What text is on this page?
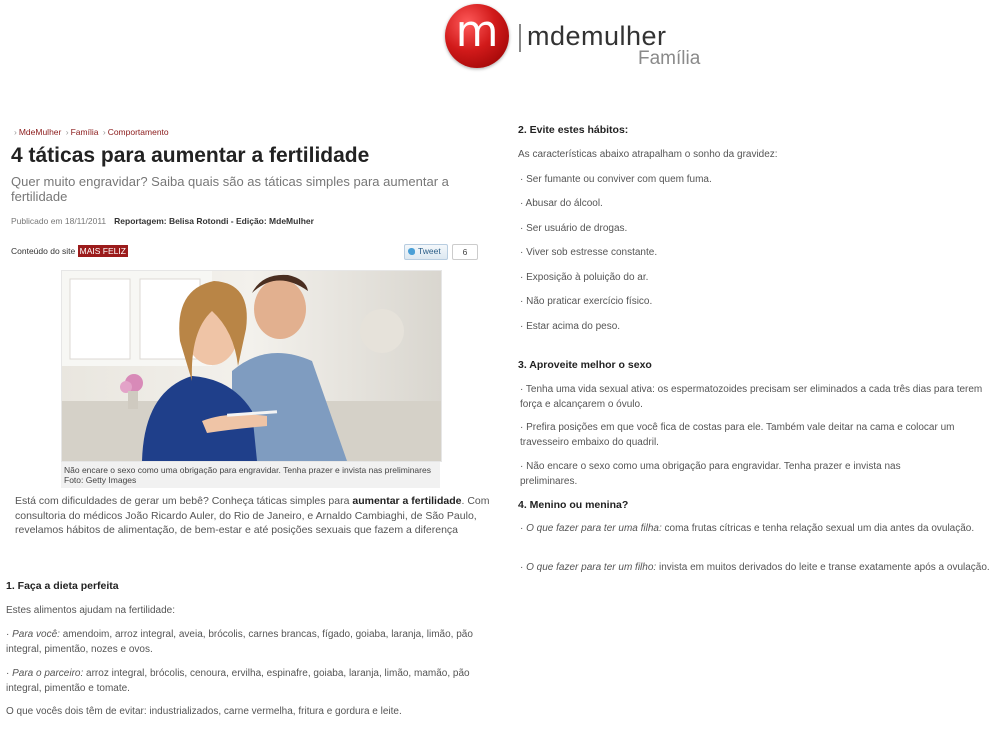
m	mdemulher
Família
› MdeMulher › Família › Comportamento
4 táticas para aumentar a fertilidade
Quer muito engravidar? Saiba quais são as táticas simples para aumentar a fertilidade
Publicado em 18/11/2011 Reportagem: Belisa Rotondi - Edição: MdeMulher
Conteúdo do site MAIS FELIZ	Tweet	6
Não encare o sexo como uma obrigação para engravidar. Tenha prazer e invista nas preliminares
Foto: Getty Images
Está com dificuldades de gerar um bebê? Conheça táticas simples para aumentar a fertilidade. Com consultoria do médicos João Ricardo Auler, do Rio de Janeiro, e Arnaldo Cambiaghi, de São Paulo, revelamos hábitos de alimentação, de bem-estar e até posições sexuais que fazem a diferença
1. Faça a dieta perfeita
Estes alimentos ajudam na fertilidade:
· Para você: amendoim, arroz integral, aveia, brócolis, carnes brancas, fígado, goiaba, laranja, limão, pão integral, pimentão, nozes e ovos.
· Para o parceiro: arroz integral, brócolis, cenoura, ervilha, espinafre, goiaba, laranja, limão, mamão, pão integral, pimentão e tomate.
O que vocês dois têm de evitar: industrializados, carne vermelha, fritura e gordura e leite.
2. Evite estes hábitos:
As características abaixo atrapalham o sonho da gravidez:
· Ser fumante ou conviver com quem fuma.
· Abusar do álcool.
· Ser usuário de drogas.
· Viver sob estresse constante.
· Exposição à poluição do ar.
· Não praticar exercício físico.
· Estar acima do peso.
3. Aproveite melhor o sexo
· Tenha uma vida sexual ativa: os espermatozoides precisam ser eliminados a cada três dias para terem força e alcançarem o óvulo.
· Prefira posições em que você fica de costas para ele. Também vale deitar na cama e colocar um travesseiro embaixo do quadril.
· Não encare o sexo como uma obrigação para engravidar. Tenha prazer e invista nas preliminares.
4. Menino ou menina?
· O que fazer para ter uma filha: coma frutas cítricas e tenha relação sexual um dia antes da ovulação.
· O que fazer para ter um filho: invista em muitos derivados do leite e transe exatamente após a ovulação.
